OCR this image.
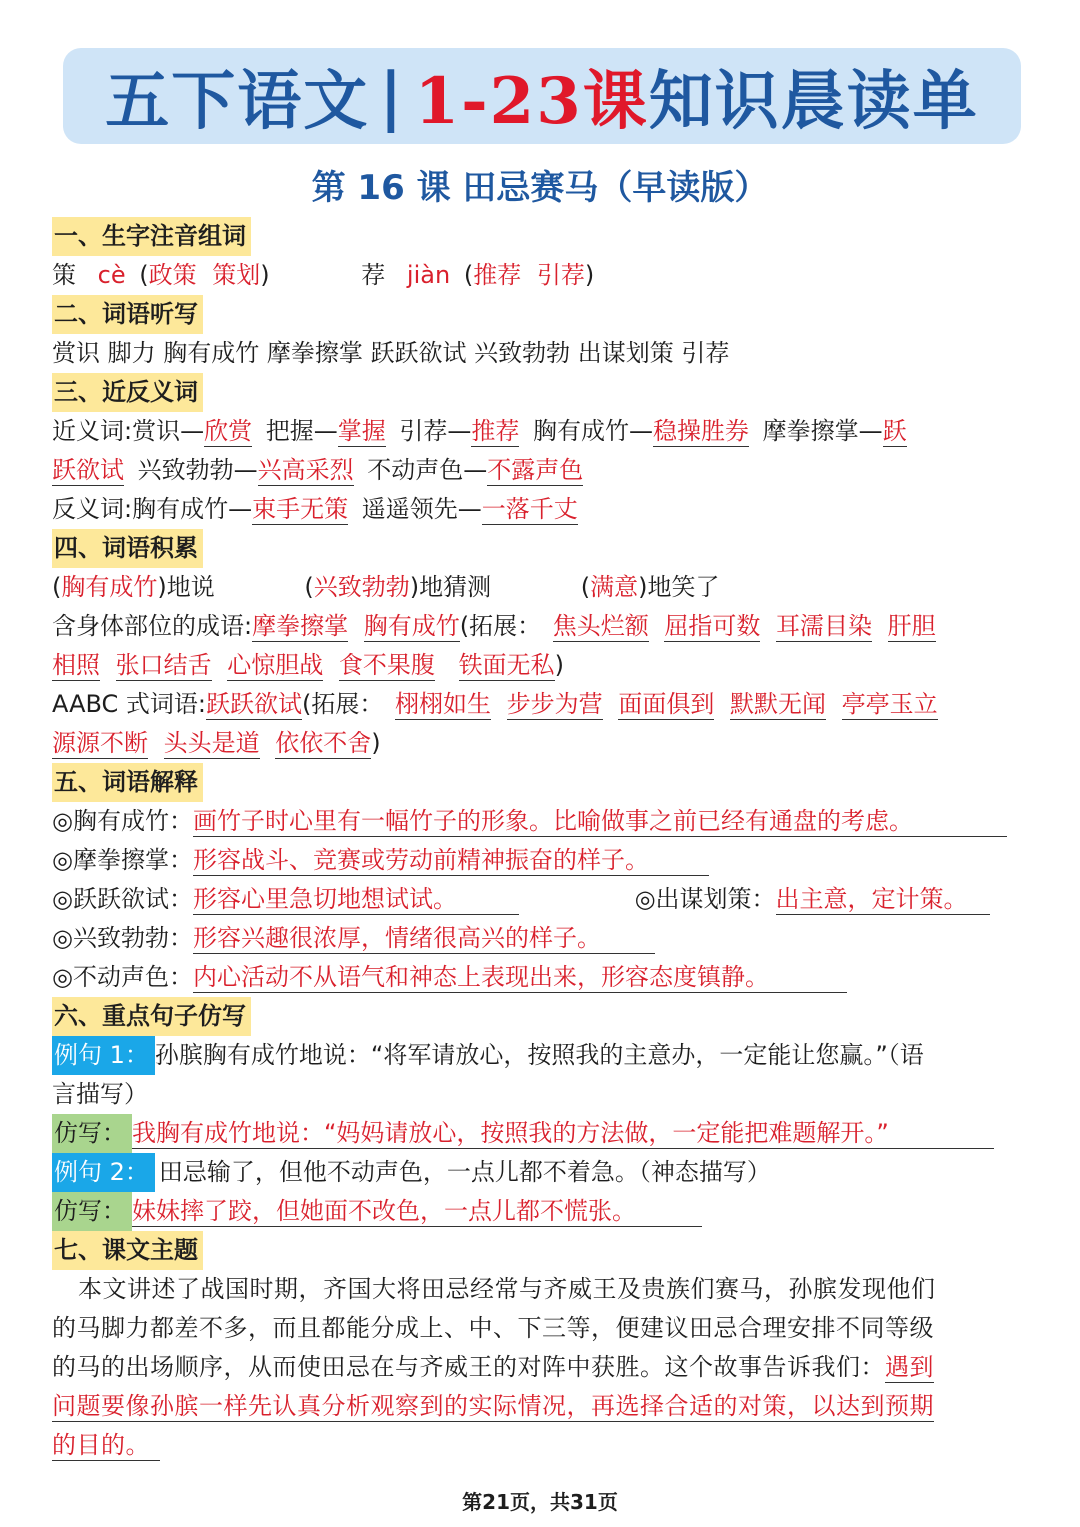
五下语文 | 1-23课 知识晨读单
第 16 课 田忌赛马（早读版）
一、生字注音组词
策 cè (政策 策划)	荐 jiàn (推荐 引荐)
二、词语听写
赏识 脚力 胸有成竹 摩拳擦掌 跃跃欲试 兴致勃勃 出谋划策 引荐
三、近反义词
近义词:赏识—欣赏 把握—掌握 引荐—推荐 胸有成竹—稳操胜券 摩拳擦掌—跃
跃欲试 兴致勃勃—兴高采烈 不动声色—不露声色
反义词:胸有成竹—束手无策 遥遥领先—一落千丈
四、词语积累
(胸有成竹)地说	(兴致勃勃)地猜测	(满意)地笑了
含身体部位的成语:摩拳擦掌 胸有成竹(拓展： 焦头烂额 屈指可数 耳濡目染 肝胆
相照 张口结舌 心惊胆战 食不果腹 铁面无私)
AABC 式词语:跃跃欲试(拓展： 栩栩如生 步步为营 面面俱到 默默无闻 亭亭玉立
源源不断 头头是道 依依不舍)
五、词语解释
◎胸有成竹：画竹子时心里有一幅竹子的形象。比喻做事之前已经有通盘的考虑。
◎摩拳擦掌：形容战斗、竞赛或劳动前精神振奋的样子。
◎跃跃欲试：形容心里急切地想试试。	◎出谋划策：出主意，定计策。
◎兴致勃勃：形容兴趣很浓厚，情绪很高兴的样子。
◎不动声色：内心活动不从语气和神态上表现出来，形容态度镇静。
六、重点句子仿写
例句 1： 孙膑胸有成竹地说：“将军请放心，按照我的主意办，一定能让您赢。”（语
言描写）
仿写： 我胸有成竹地说：“妈妈请放心，按照我的方法做，一定能把难题解开。”
例句 2： 田忌输了，但他不动声色，一点儿都不着急。（神态描写）
仿写： 妹妹摔了跤，但她面不改色，一点儿都不慌张。
七、课文主题
本文讲述了战国时期，齐国大将田忌经常与齐威王及贵族们赛马，孙膑发现他们
的马脚力都差不多，而且都能分成上、中、下三等，便建议田忌合理安排不同等级
的马的出场顺序，从而使田忌在与齐威王的对阵中获胜。这个故事告诉我们：遇到
问题要像孙膑一样先认真分析观察到的实际情况，再选择合适的对策，以达到预期
的目的。
第21页，共31页
